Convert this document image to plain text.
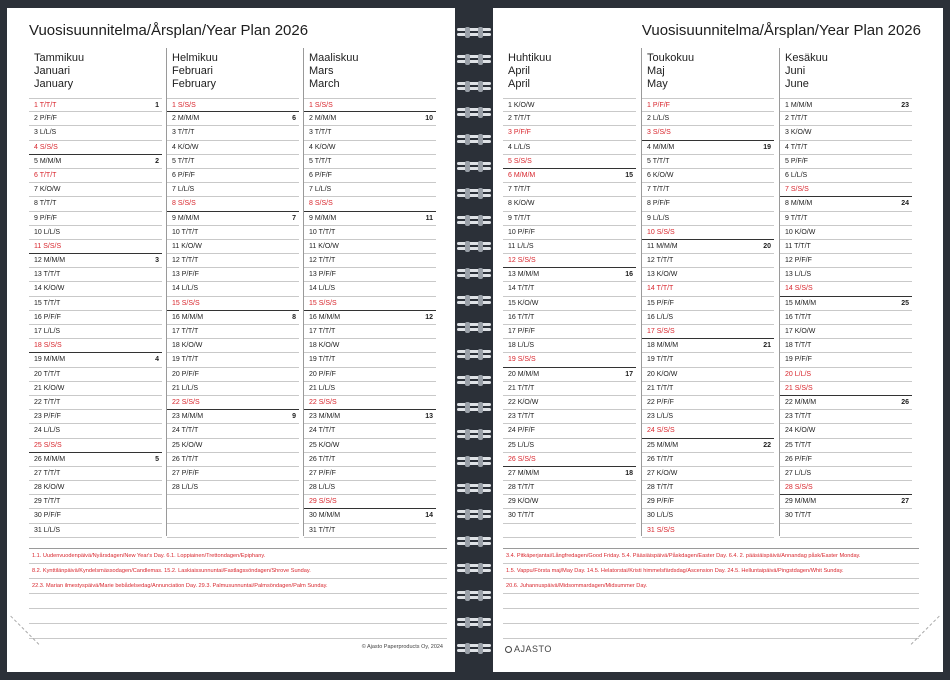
Vuosisuunnitelma/Årsplan/Year Plan 2026
Tammikuu
Januari
January
1 T/T/T	1
2 P/F/F
3 L/L/S
4 S/S/S
5 M/M/M	2
6 T/T/T
7 K/O/W
8 T/T/T
9 P/F/F
10 L/L/S
11 S/S/S
12 M/M/M	3
13 T/T/T
14 K/O/W
15 T/T/T
16 P/F/F
17 L/L/S
18 S/S/S
19 M/M/M	4
20 T/T/T
21 K/O/W
22 T/T/T
23 P/F/F
24 L/L/S
25 S/S/S
26 M/M/M	5
27 T/T/T
28 K/O/W
29 T/T/T
30 P/F/F
31 L/L/S
Helmikuu
Februari
February
1 S/S/S
2 M/M/M	6
3 T/T/T
4 K/O/W
5 T/T/T
6 P/F/F
7 L/L/S
8 S/S/S
9 M/M/M	7
10 T/T/T
11 K/O/W
12 T/T/T
13 P/F/F
14 L/L/S
15 S/S/S
16 M/M/M	8
17 T/T/T
18 K/O/W
19 T/T/T
20 P/F/F
21 L/L/S
22 S/S/S
23 M/M/M	9
24 T/T/T
25 K/O/W
26 T/T/T
27 P/F/F
28 L/L/S
Maaliskuu
Mars
March
1 S/S/S
2 M/M/M	10
3 T/T/T
4 K/O/W
5 T/T/T
6 P/F/F
7 L/L/S
8 S/S/S
9 M/M/M	11
10 T/T/T
11 K/O/W
12 T/T/T
13 P/F/F
14 L/L/S
15 S/S/S
16 M/M/M	12
17 T/T/T
18 K/O/W
19 T/T/T
20 P/F/F
21 L/L/S
22 S/S/S
23 M/M/M	13
24 T/T/T
25 K/O/W
26 T/T/T
27 P/F/F
28 L/L/S
29 S/S/S
30 M/M/M	14
31 T/T/T
1.1. Uudenvuodenpäivä/Nyårsdagen/New Year's Day. 6.1. Loppiainen/Trettondagen/Epiphany.
8.2. Kynttilänpäivä/Kyndelsmässodagen/Candlemas. 15.2. Laskiaissunnuntai/Fastlagssöndagen/Shrove Sunday.
22.3. Marian ilmestyspäivä/Marie bebådelsedag/Annunciation Day. 29.3. Palmusunnuntai/Palmsöndagen/Palm Sunday.
© Ajasto Paperproducts Oy, 2024
Vuosisuunnitelma/Årsplan/Year Plan 2026
Huhtikuu
April
April
1 K/O/W
2 T/T/T
3 P/F/F
4 L/L/S
5 S/S/S
6 M/M/M	15
7 T/T/T
8 K/O/W
9 T/T/T
10 P/F/F
11 L/L/S
12 S/S/S
13 M/M/M	16
14 T/T/T
15 K/O/W
16 T/T/T
17 P/F/F
18 L/L/S
19 S/S/S
20 M/M/M	17
21 T/T/T
22 K/O/W
23 T/T/T
24 P/F/F
25 L/L/S
26 S/S/S
27 M/M/M	18
28 T/T/T
29 K/O/W
30 T/T/T
Toukokuu
Maj
May
1 P/F/F
2 L/L/S
3 S/S/S
4 M/M/M	19
5 T/T/T
6 K/O/W
7 T/T/T
8 P/F/F
9 L/L/S
10 S/S/S
11 M/M/M	20
12 T/T/T
13 K/O/W
14 T/T/T
15 P/F/F
16 L/L/S
17 S/S/S
18 M/M/M	21
19 T/T/T
20 K/O/W
21 T/T/T
22 P/F/F
23 L/L/S
24 S/S/S
25 M/M/M	22
26 T/T/T
27 K/O/W
28 T/T/T
29 P/F/F
30 L/L/S
31 S/S/S
Kesäkuu
Juni
June
1 M/M/M	23
2 T/T/T
3 K/O/W
4 T/T/T
5 P/F/F
6 L/L/S
7 S/S/S
8 M/M/M	24
9 T/T/T
10 K/O/W
11 T/T/T
12 P/F/F
13 L/L/S
14 S/S/S
15 M/M/M	25
16 T/T/T
17 K/O/W
18 T/T/T
19 P/F/F
20 L/L/S
21 S/S/S
22 M/M/M	26
23 T/T/T
24 K/O/W
25 T/T/T
26 P/F/F
27 L/L/S
28 S/S/S
29 M/M/M	27
30 T/T/T
3.4. Pitkäperjantai/Långfredagen/Good Friday. 5.4. Pääsiäispäivä/Påskdagen/Easter Day. 6.4. 2. pääsiäispäivä/Annandag påsk/Easter Monday.
1.5. Vappu/Första maj/May Day. 14.5. Helatorstai/Kristi himmelsfärdsdag/Ascension Day. 24.5. Helluntaipäivä/Pingstdagen/Whit Sunday.
20.6. Juhannuspäivä/Midsommardagen/Midsummer Day.
AJASTO
